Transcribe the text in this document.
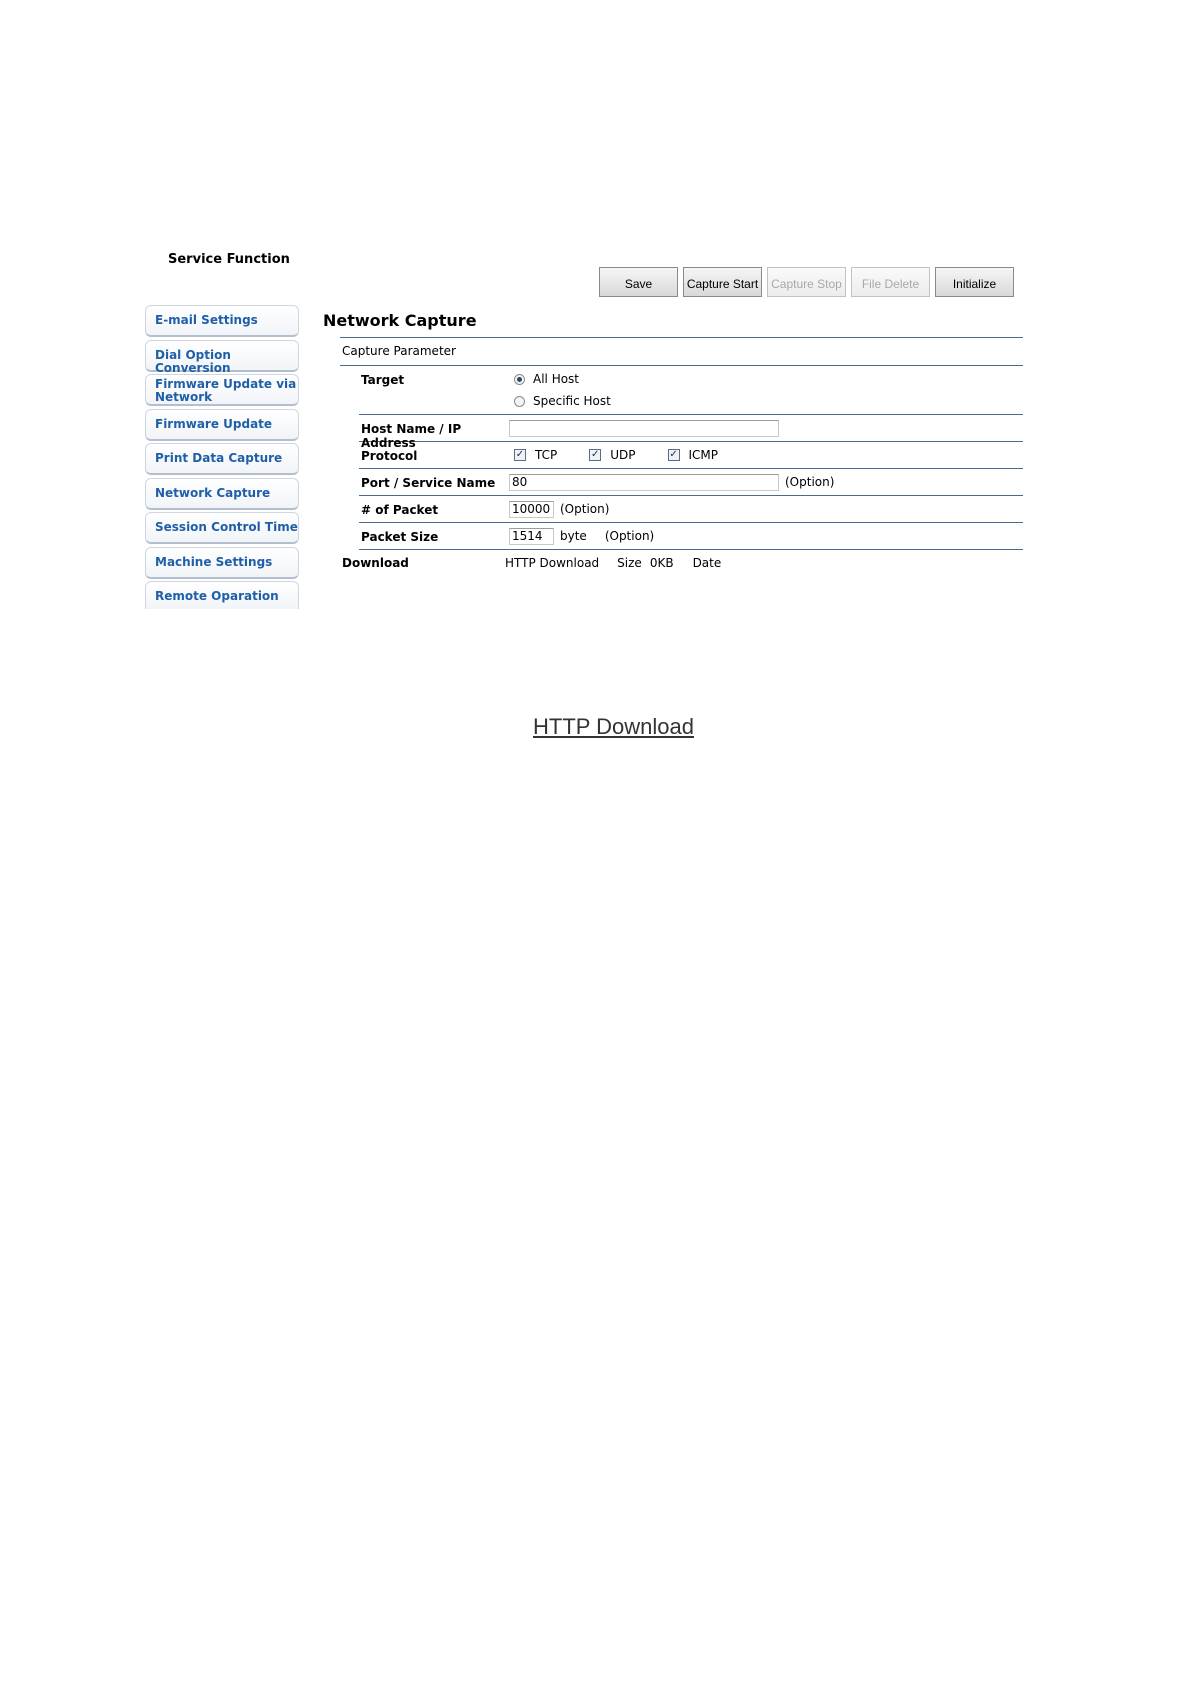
Service Function
Save	Capture Start	Capture Stop	File Delete	Initialize
E-mail Settings
Dial Option Conversion
Firmware Update via
Network
Firmware Update
Print Data Capture
Network Capture
Session Control Time
Machine Settings
Remote Oparation
Network Capture
Capture Parameter
Target	All Host
Specific Host
Host Name / IP Address
Protocol	✓ TCP	✓ UDP	✓ ICMP
Port / Service Name	80	(Option)
# of Packet	10000 (Option)
Packet Size	1514	byte (Option)
Download	HTTP Download Size 0KB Date
HTTP Download
